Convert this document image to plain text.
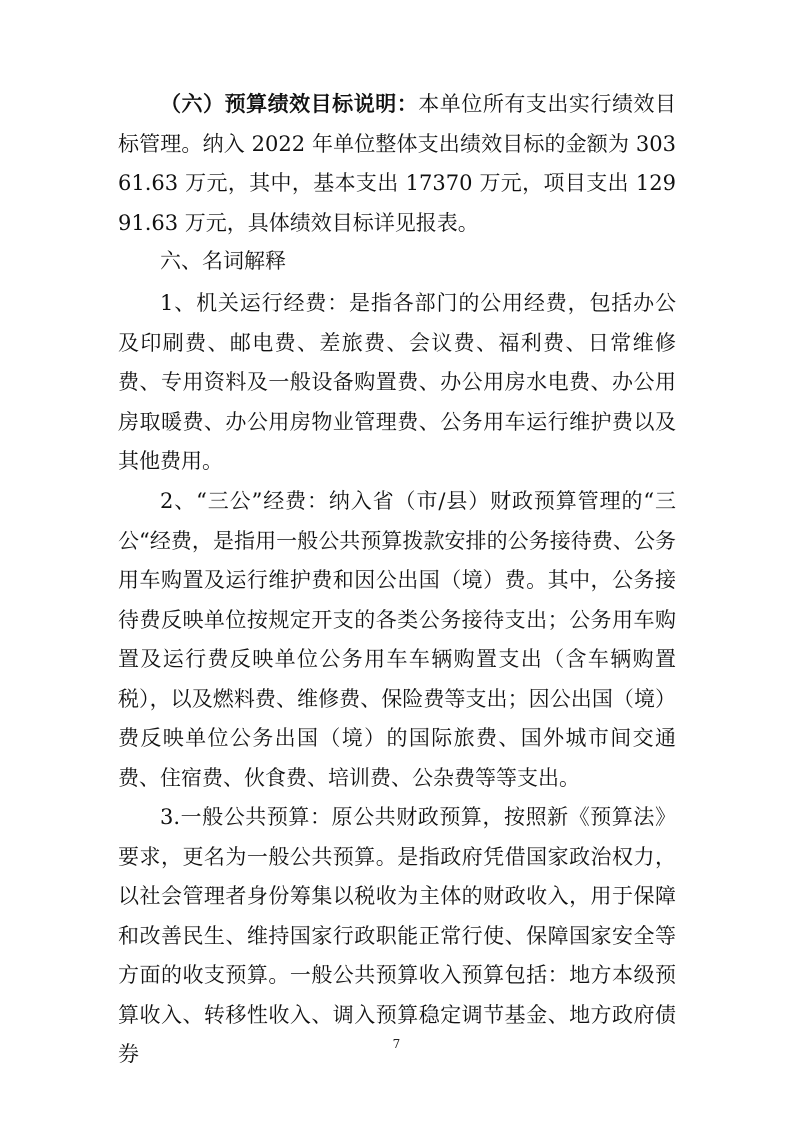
（六）预算绩效目标说明：本单位所有支出实行绩效目标管理。纳入 2022 年单位整体支出绩效目标的金额为 30361.63 万元，其中，基本支出 17370 万元，项目支出 12991.63 万元，具体绩效目标详见报表。

六、名词解释

1、机关运行经费：是指各部门的公用经费，包括办公及印刷费、邮电费、差旅费、会议费、福利费、日常维修费、专用资料及一般设备购置费、办公用房水电费、办公用房取暖费、办公用房物业管理费、公务用车运行维护费以及其他费用。

2、“三公”经费：纳入省（市/县）财政预算管理的“三公“经费，是指用一般公共预算拨款安排的公务接待费、公务用车购置及运行维护费和因公出国（境）费。其中，公务接待费反映单位按规定开支的各类公务接待支出；公务用车购置及运行费反映单位公务用车车辆购置支出（含车辆购置税），以及燃料费、维修费、保险费等支出；因公出国（境）费反映单位公务出国（境）的国际旅费、国外城市间交通费、住宿费、伙食费、培训费、公杂费等等支出。

3.一般公共预算：原公共财政预算，按照新《预算法》 要求，更名为一般公共预算。是指政府凭借国家政治权力， 以社会管理者身份筹集以税收为主体的财政收入，用于保障 和改善民生、维持国家行政职能正常行使、保障国家安全等 方面的收支预算。一般公共预算收入预算包括：地方本级预 算收入、转移性收入、调入预算稳定调节基金、地方政府债 券	7
